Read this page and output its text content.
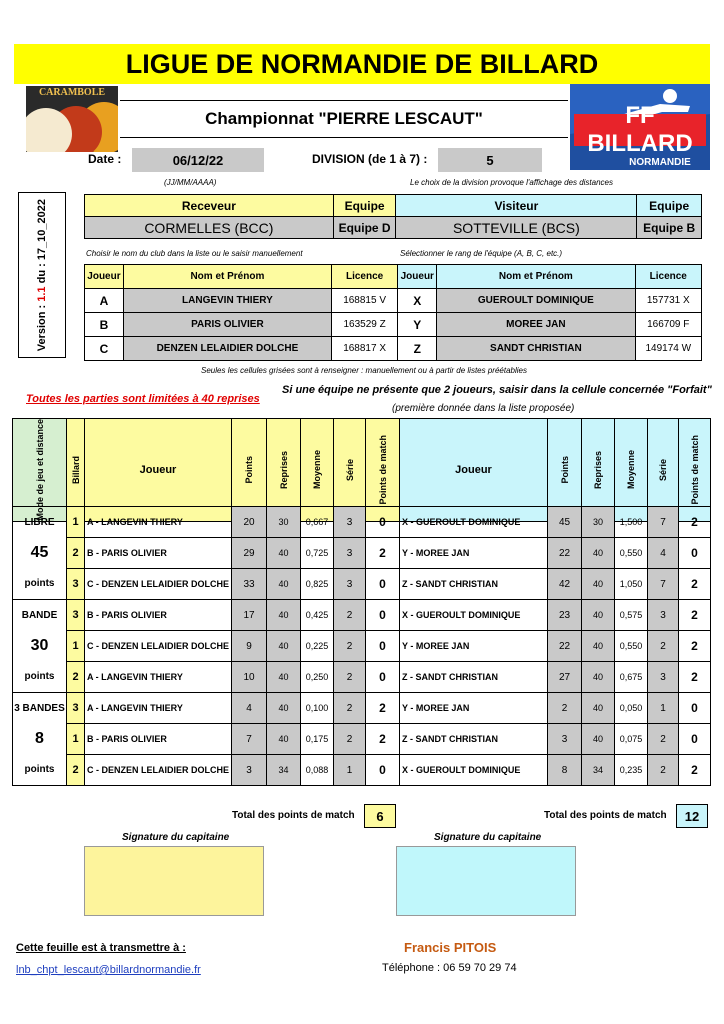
LIGUE DE NORMANDIE DE BILLARD
CARAMBOLE
FF BILLARD
NORMANDIE
Championnat "PIERRE LESCAUT"
Date :	06/12/22	DIVISION (de 1 à 7) :	5
(JJ/MM/AAAA)	Le choix de la division provoque l'affichage des distances
Version : 1.1 du : 17_10_2022	Receveur	Equipe	Visiteur	Equipe
CORMELLES (BCC)	Equipe D	SOTTEVILLE (BCS)	Equipe B
Choisir le nom du club dans la liste ou le saisir manuellement	Sélectionner le rang de l'équipe (A, B, C, etc.)
Joueur	Nom et Prénom	Licence	Joueur	Nom et Prénom	Licence
A	LANGEVIN THIERY	168815 V	X	GUEROULT DOMINIQUE	157731 X
B	PARIS OLIVIER	163529 Z	Y	MOREE JAN	166709 F
C	DENZEN LELAIDIER DOLCHE	168817 X	Z	SANDT CHRISTIAN	149174 W
Seules les cellules grisées sont à renseigner : manuellement ou à partir de listes préétablies
Toutes les parties sont limitées à 40 reprises
Si une équipe ne présente que 2 joueurs, saisir dans la cellule concernée "Forfait"
(première donnée dans la liste proposée)
Mode de jeu et distance	Billard	Joueur	Points	Reprises	Moyenne	Série	Points de match	Joueur	Points	Reprises	Moyenne	Série	Points de match
LIBRE	1	A - LANGEVIN THIERY	20	30	0,667	3	0	X - GUEROULT DOMINIQUE	45	30	1,500	7	2
45	2	B - PARIS OLIVIER	29	40	0,725	3	2	Y - MOREE JAN	22	40	0,550	4	0
points	3	C - DENZEN LELAIDIER DOLCHE	33	40	0,825	3	0	Z - SANDT CHRISTIAN	42	40	1,050	7	2
BANDE	3	B - PARIS OLIVIER	17	40	0,425	2	0	X - GUEROULT DOMINIQUE	23	40	0,575	3	2
30	1	C - DENZEN LELAIDIER DOLCHE	9	40	0,225	2	0	Y - MOREE JAN	22	40	0,550	2	2
points	2	A - LANGEVIN THIERY	10	40	0,250	2	0	Z - SANDT CHRISTIAN	27	40	0,675	3	2
3 BANDES	3	A - LANGEVIN THIERY	4	40	0,100	2	2	Y - MOREE JAN	2	40	0,050	1	0
8	1	B - PARIS OLIVIER	7	40	0,175	2	2	Z - SANDT CHRISTIAN	3	40	0,075	2	0
points	2	C - DENZEN LELAIDIER DOLCHE	3	34	0,088	1	0	X - GUEROULT DOMINIQUE	8	34	0,235	2	2
Total des points de match	6	Total des points de match	12
Signature du capitaine	Signature du capitaine
Cette feuille est à transmettre à :
lnb_chpt_lescaut@billardnormandie.fr
Francis PITOIS
Téléphone : 06 59 70 29 74
